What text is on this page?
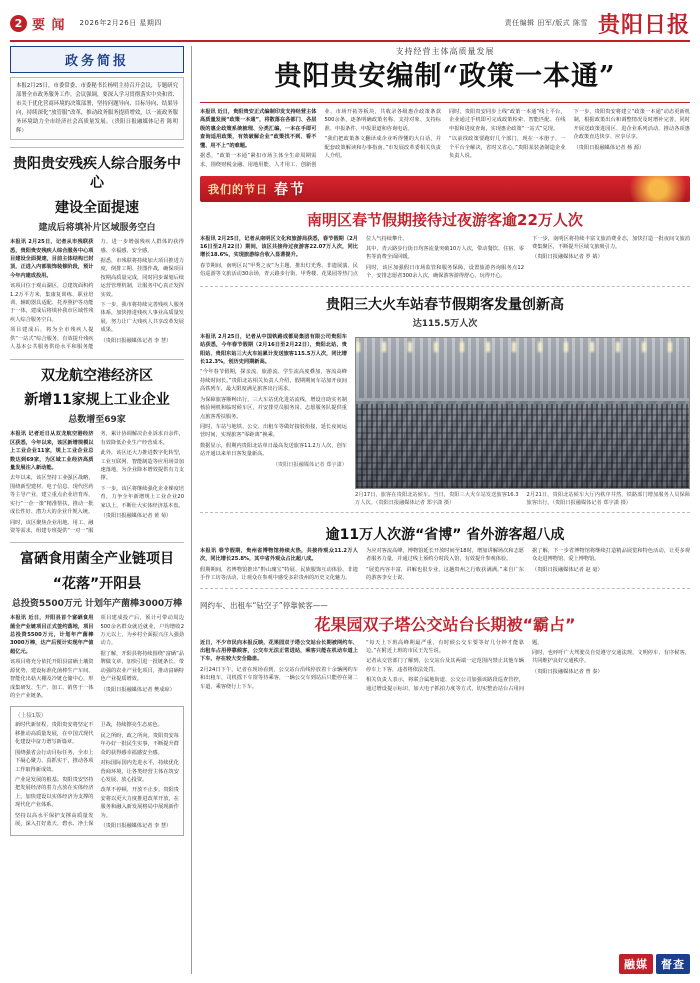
2 要 闻 2026年2月26日 星期四	责任编辑 田军/版式 陈雪 贵阳日报
政务简报

本报2月25日，市委常委、市委秘书长杨明主持召开会议，专题研究部署全市政务服务工作。会议强调，要深入学习贯彻落实中央和省、市关于优化营商环境的决策部署，坚持问题导向、目标导向、结果导向，持续深化“放管服”改革，推动政务服务提质增效，以一流政务服务环境助力全市经济社会高质量发展。（贵阳日报融媒体记者 陈明辉）

贵阳贵安残疾人综合服务中心
建设全面提速
建成后将填补片区域服务空白

本报讯 2月25日，记者从市残联获悉，贵阳贵安残疾人综合服务中心项目建设全面提速，目前主体结构已封顶，正进入内部装饰装修阶段，预计今年内建成投用。

该项目位于观山湖区，总建筑面积约1.2万平方米，集康复训练、职业培训、辅助器具适配、托养照护等功能于一体，建成后将填补我市区域性残疾人综合服务空白。

项目建成后，将为全市残疾人提供“一站式”综合服务，有效提升残疾人基本公共服务供给水平和服务能力，进一步增强残疾人群体的获得感、幸福感、安全感。

据悉，市残联将持续加大项目推进力度，倒排工期、挂图作战，确保项目按期高质量完成，同时同步谋划后续运营管理机制，让服务中心真正发挥实效。

下一步，我市将持续完善残疾人服务体系，加快推进残疾人事业高质量发展，努力让广大残疾人共享改革发展成果。

（贵阳日报融媒体记者 李 慧）

双龙航空港经济区
新增11家规上工业企业
总数增至69家

本报讯 记者近日从双龙航空港经济区获悉，今年以来，该区新增规模以上工业企业11家，规上工业企业总数达到69家，为区域工业经济高质量发展注入新动能。

去年以来，该区坚持工业强区战略，围绕新型建材、电子信息、现代医药等主导产业，建立重点企业培育库，实行“一企一策”精准帮扶，推动一批成长性好、潜力大的企业升规入统。

同时，该区聚焦企业用地、用工、融资等需求，组建专班提供“一对一”服务，累计协调解决企业诉求百余件，有效降低企业生产经营成本。

此外，该区还大力推进数字化转型，工业互联网、智能制造等应用场景加速落地，为企业降本增效提供有力支撑。

下一步，该区将继续强化企业梯度培育，力争全年新增规上工业企业20家以上，不断壮大实体经济基本盘。

（贵阳日报融媒体记者 黄 菊）

富硒食用菌全产业链项目
“花落”开阳县
总投资5500万元 计划年产菌棒3000万棒

本报讯 近日，开阳县首个富硒食用菌全产业链项目正式签约落地，项目总投资5500万元，计划年产菌棒3000万棒，达产后预计实现年产值超亿元。

该项目将充分依托开阳县富硒土壤资源优势，建设标准化菌棒生产车间、智能化出菇大棚及冷链仓储中心，形成集研发、生产、加工、销售于一体的全产业链条。

项目建成投产后，预计可带动周边500余名群众就近就业，户均增收2万元以上，为乡村全面振兴注入强劲动力。

据了解，开阳县将持续围绕“富硒”品牌做文章，加快引进一批链条长、带动强的农业产业化项目，推动富硒特色产业提质增效。

（贵阳日报融媒体记者 樊成琼）

（上接1版）

新时代新征程，贵阳贵安将坚定不移推动高质量发展，在中国式现代化建设中奋力谱写新篇章。

围绕强省会行动目标任务，全市上下凝心聚力、真抓实干，推动各项工作取得新成效。

产业是发展的根基。贵阳贵安坚持把发展经济的着力点放在实体经济上，加快建设以实体经济为支撑的现代化产业体系。

坚持以高水平保护支撑高质量发展，深入打好蓝天、碧水、净土保卫战，持续擦亮生态底色。

民之所盼，政之所向。贵阳贵安每年办好一批民生实事，不断提升群众的获得感幸福感安全感。

对标国际国内先进水平，持续优化营商环境，让各类经营主体在筑安心发展、放心投资。

改革不停顿、开放不止步。贵阳贵安将以更大力度推进改革开放，在服务和融入新发展格局中展现新作为。

（贵阳日报融媒体记者 李 慧）

支持经营主体高质量发展
贵阳贵安编制“政策一本通”

本报讯 近日，贵阳贵安正式编制印发支持经营主体高质量发展“政策一本通”，将散落在各部门、各层级的惠企政策系统梳理、分类汇编，一本在手即可查询适用政策，有效破解企业“政策找不到、看不懂、用不上”的难题。

据悉，“政策一本通”紧扣市场主体全生命周期需求，围绕财税金融、用地用能、人才用工、创新创业、市场开拓等板块，共收录各级惠企政策条款500余条，逐条明确政策名称、支持对象、支持标准、申报条件、申报渠道和咨询电话。

“我们把政策条文翻译成企业听得懂的大白话，并配套政策解读和办事指南。”市发展改革委相关负责人介绍。

同时，贵阳贵安同步上线“政策一本通”线上平台，企业通过手机即可完成政策检索、智能匹配、在线申报和进度查询，实现惠企政策“一站式”兑现。

“以前找政策要跑好几个部门，现在一本册子、一个平台全解决，省时又省心。”贵阳某装备制造企业负责人说。

下一步，贵阳贵安将建立“政策一本通”动态更新机制，根据政策出台和调整情况及时增补完善，同时开展送政策进园区、进企业系列活动，推动各项惠企政策直达快享、应享尽享。

（贵阳日报融媒体记者 杨 源）

我们的节日 春节
南明区春节假期接待过夜游客逾22万人次

本报讯 2月25日，记者从南明区文化和旅游局获悉，春节假期（2月16日至2月22日）期间，该区共接待过夜游客22.07万人次，同比增长18.6%，实现旅游综合收入显著提升。

春节期间，南明区以“甲秀之夜”为主题，推出灯光秀、非遗展演、民俗巡游等文旅活动30余场，青云路步行街、甲秀楼、花果园等热门点位人气持续攀升。

其中，青云路步行街日均客流量突破10万人次，带动餐饮、住宿、零售等消费全面回暖。

同时，该区加强假日市场监管和服务保障，设置旅游咨询服务点12个，安排志愿者300余人次，确保游客游得舒心、玩得开心。

下一步，南明区将持续丰富文旅消费业态，加快打造一批夜间文旅消费集聚区，不断提升区域文旅吸引力。

（贵阳日报融媒体记者 罗 婧）

贵阳三大火车站春节假期客发量创新高
达115.5万人次

本报讯 2月25日，记者从中国铁路成都局集团有限公司贵阳车站获悉，今年春节假期（2月16日至2月22日），贵阳北站、贵阳站、贵阳东站三大火车站累计发送旅客115.5万人次，同比增长12.3%，创历史同期新高。

“今年春节假期，探亲流、旅游流、学生流高度叠加，客流高峰持续时间长。”贵阳北站相关负责人介绍，假期期间车站加开夜间高铁列车，最大限度满足旅客出行需求。

为保障旅客顺畅出行，三大车站优化进站流线，增设自助实名制核验闸机和临时候车区，并安排党员服务岗、志愿服务队提供重点旅客帮扶服务。

同时，车站与地铁、公交、出租车等做好接驳衔接，延长夜间运营时间，实现旅客“零距离”换乘。

数据显示，假期内贵阳北站单日最高发送旅客11.2万人次，创车站开通以来单日客发量新高。

（贵阳日报融媒体记者 郑宇潇）

2月17日，旅客在贵阳北站候车。当日，贵阳三大火车站发送旅客16.3万人次。（贵阳日报融媒体记者 郑宇潇 摄）
2月21日，贵阳北站候车大厅内秩序井然，铁路部门增加服务人员保障旅客出行。（贵阳日报融媒体记者 郑宇潇 摄）
逾11万人次游“省博” 省外游客超八成

本报讯 春节假期，贵州省博物馆持续火热，共接待观众11.2万人次，同比增长25.8%，其中省外观众占比超八成。

假期期间，省博物馆推出“黔山瑰宝”特展、民族服饰互动体验、非遗手作工坊等活动，让观众在参观中感受多彩贵州的历史文化魅力。

为应对客流高峰，博物馆延长开放时间至18时，增加讲解场次和志愿者服务力量，并通过线上预约分时段入馆，有效提升参观体验。

“展览内容丰富，讲解也很专业，这趟贵州之行收获满满。”来自广东的游客李女士说。

据了解，下一步省博物馆将继续打造精品展览和特色活动，让更多观众走进博物馆、爱上博物馆。

（贵阳日报融媒体记者 赵 毫）

网约车、出租车“钻空子”停靠候客——
花果园双子塔公交站台长期被“霸占”

近日，不少市民向本报反映，花果园双子塔公交站台长期被网约车、出租车占用停靠候客，公交车无法正常进站，乘客只能在机动车道上下车，存在较大安全隐患。

2月24日下午，记者在现场看到，公交站台沿线停放着十余辆网约车和出租车，司机摇下车窗等待乘客，一辆公交车到站后只能停在第二车道，乘客绕行上下车。

“每天上下班高峰期最严重，有时候公交车要等好几分钟才能靠边。”在附近上班的市民王先生说。

记者从交管部门了解到，公交站台及其两端一定范围内禁止其他车辆停车上下客，违者将依法处罚。

相关负责人表示，将联合属地街道、公交公司加强该路段巡查管控，通过增设提示标识、加大电子抓拍力度等方式，切实整治站台占用问题。

同时，也呼吁广大驾驶员自觉遵守交通法规，文明停车、有序候客，共同维护良好交通秩序。

（贵阳日报融媒体记者 曾 秦）

融媒	督查
